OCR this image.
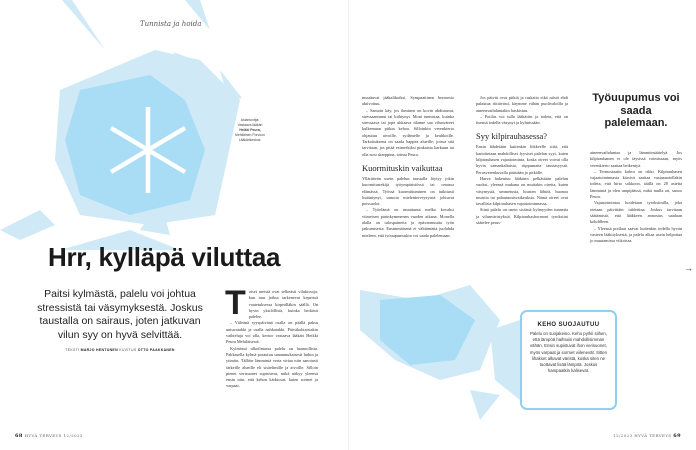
Tunnista ja hoida
Asiantuntija:
Vastaava lääkäri
Heikki Peura,
Mehiläinen Porvoon
Lääkärikeskus.
Hrr, kylläpä viluttaa
Paitsi kylmästä, palelu voi johtua stressistä tai väsymyksestä. Joskus taustalla on sairaus, joten jatkuvan vilun syy on hyvä selvittää.
TEKSTI MARJO HENTUNEN KUVITUS OTTO PAAKKANEN
T oiset meistä ovat selkeästi vilukissoja, kun taas jotkut tarkenevat kepeissä vaatetuksessa kirpeälläkin säällä. On hyvin yksilöllistä, kuinka herkästi palelee.

– Viileänä syyspäivänä osalla on päällä paksu untuvatakki ja osalla nahkatakki. Päiväkohtaisiakin vaihteluja voi olla, kertoo vastaava lääkäri Heikki Peura Mehiläisestä.

Kylmässä ulkoilmassa palelu on luonnollista. Pakkasella kylmä porautuu sananmukaisesti luihin ja ytimiin. Tällöin lämmintä verta virtaa niin sanotusti tärkeille alueille eli sisäelimille ja aivoille. Silloin pienet verisuonet supistuvat, mikä näkyy yleensä ensin niin, että kehon kärkiosat, kuten sormet ja varpaat,

muuttuvat jääkalikoiksi. Sympaattinen hermosto aktivoituu.

– Samoin käy, jos ihminen on kovin ahdistunut, stressaantunut tai kiihtynyt. Moni tunnistaa, kuinka stressaava tai jopa uhkaava tilanne saa vilunväreet kulkemaan pitkin kehoa. Silloinkin verenkierto ohjautuu aivoille, sydämelle ja keuhkoille. Tarkoituksena on saada happea alueille, joissa sitä tarvitaan, jos pitää esimerkiksi pinkaista karkuun tai olla nosi skarppina, toteaa Peura.

Kuormituskin vaikuttaa

Ylläräävän usein palelun taustalla löytyy jokin kuormitustekijä työympäristössä tai omassa elämässä. Työssä kuormittuminen on tutkitusti lisääntynyt, samoin mielenterveysyistä johtuvat poissaolot.

– Työelämä on muuttunut melko kovaksi viimeisen parinkymmenen vuoden aikana. Monella alalla on tulospaineita ja epävarmuutta työn jatkumisesta. Ensimmäisenä ei välttämättä juolahda mieleen, että työuupumuskin voi saada palelemaan.

Jos päivät ovat pitkiä ja raskaita eikä niistä ehdi palautua riittävästi, käymme vähän puolivaloilla ja aineenvaihduntakin laiskistuu.

– Potilas voi tulla lääkäriin ja todeta, että on itsensä todella väsynyt ja kylmissään.

Syy kilpirauhasessa?

Ensin lähdetään kuitenkin liikkeelle siitä, että kartoitetaan mahdolliset fyysiset palelun syyt, kuten kilpirauhasen vajaatoiminta, koska oireet voivat olla hyvin samankaltaisia, riippumatta taustasyystä. Perusverenkuvalla päästään jo pitkälle.

Harva hakeutuu lääkärin pelkästään palelun vuoksi, yleensä mukana on muitakin oireita, kuten väsymystä, ummetusta, hiusten lähtöä, huonoa muistia tai palautumisvaikeuksia. Nämä oireet ovat tavallisia kilpirauhasen vajaatoiminnassa.

Siinä palelu on usein sisäistä kylmyyden tunnetta ja vilunväristyksiä. Kilpirauhashormoni tyroksiini säätelee perus-

Työuupumus voi saada palelemaan.

aineenvaihduntaa ja lämmönsäätelyä. Jos kilpirauhanen ei ole täysissä voimissaan, myös verenkierto saattaa heikentyä.

– Termostaatin kahva on rikki. Kilpirauhasen vajaatoiminnasta kärsivä saattaa vastaanotollakin todeta, että hirto sokkoon, täällä on 28 astetta lämmintä ja olen umpijäässä, mikä mulla on, sanoo Peura.

Vajaatoimintaa hoidetaan tyroksiinilla, joka otetaan päivittäin tablettina. Joskus tarvitaan säätämistä, että lääkkeen annostus saadaan kohdilleen.

– Yleensä potilaat saavat kuitenkin todella hyvän vasteen lääkityksestä, ja palelu alkaa usein helpottaa jo muutamissa viikoissa.

→
KEHO SUOJAUTUU

Palelu on suojakeino. Keho pyrkii siihen, että lämpöä haihtuisi mahdollisimman vähän. Ensin supistuvat ihon verisuonet, myös varpaat ja sormet viilenevät. Sitten lihakset alkavat väristä, koska siten ne tuottavat lisää lämpöä. Joskus hampaatkin kalisevat.

68 HYVÄ TERVEYS 12/2023	12/2023 HYVÄ TERVEYS 69
